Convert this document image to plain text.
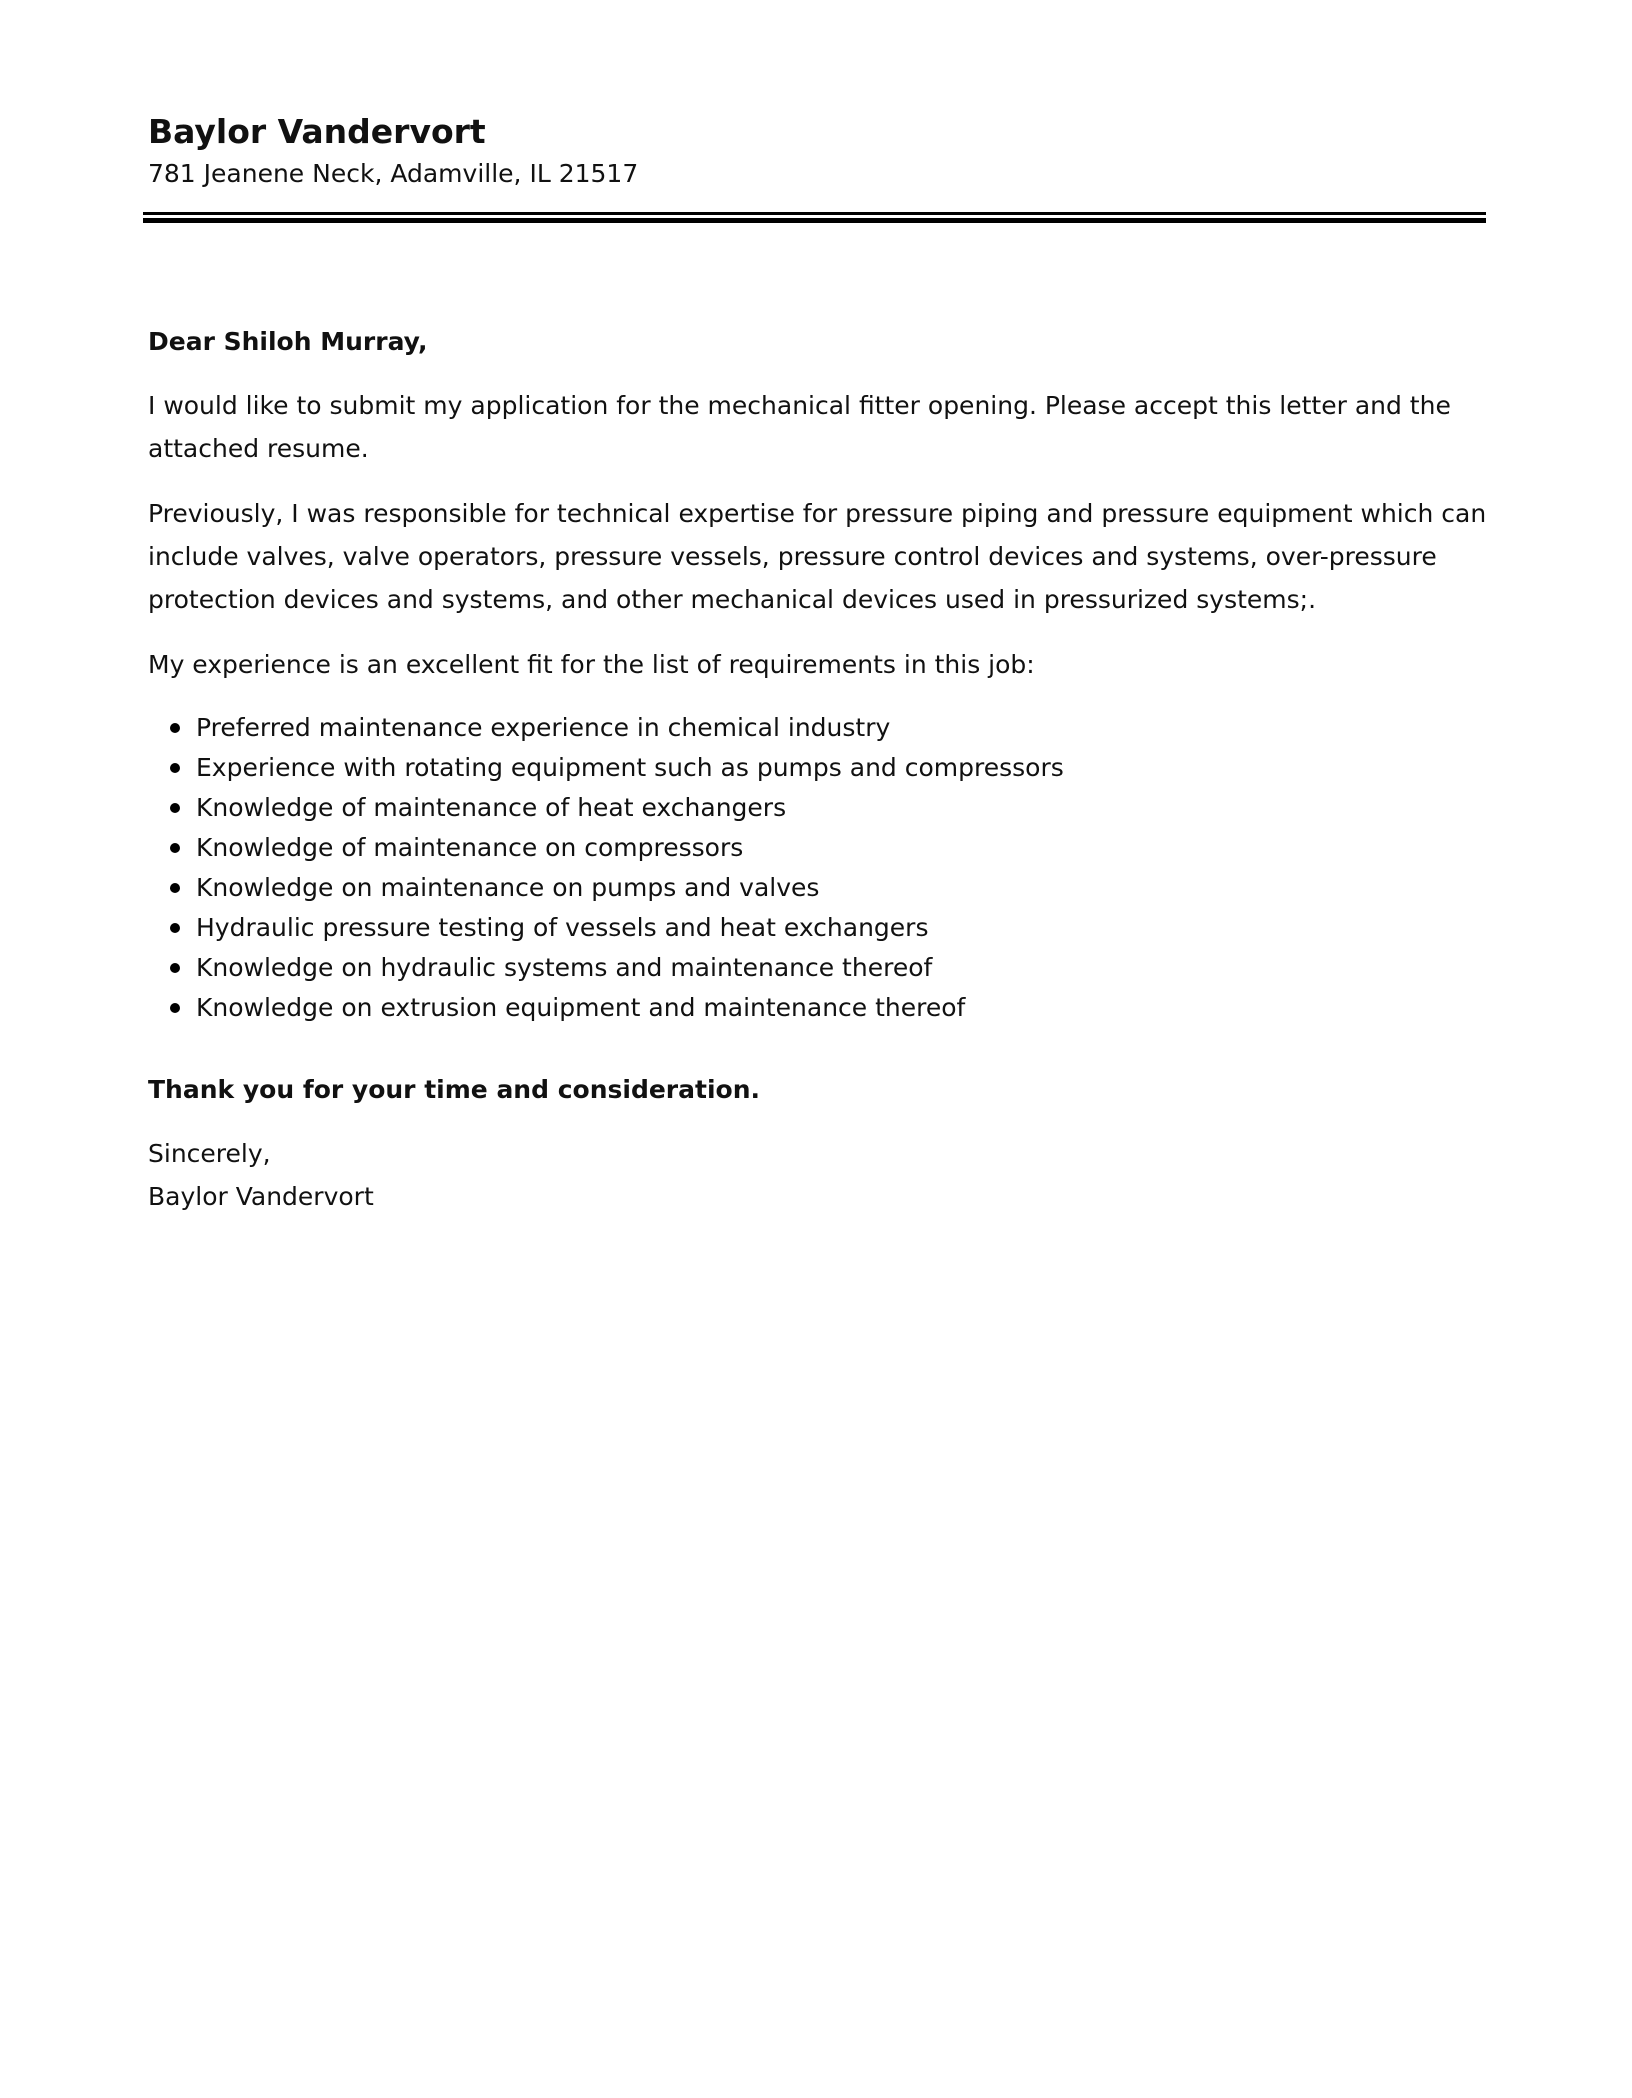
Baylor Vandervort
781 Jeanene Neck, Adamville, IL 21517

Dear Shiloh Murray,

I would like to submit my application for the mechanical fitter opening. Please accept this letter and the attached resume.

Previously, I was responsible for technical expertise for pressure piping and pressure equipment which can include valves, valve operators, pressure vessels, pressure control devices and systems, over-pressure protection devices and systems, and other mechanical devices used in pressurized systems;.

My experience is an excellent fit for the list of requirements in this job:

Preferred maintenance experience in chemical industry
Experience with rotating equipment such as pumps and compressors
Knowledge of maintenance of heat exchangers
Knowledge of maintenance on compressors
Knowledge on maintenance on pumps and valves
Hydraulic pressure testing of vessels and heat exchangers
Knowledge on hydraulic systems and maintenance thereof
Knowledge on extrusion equipment and maintenance thereof

Thank you for your time and consideration.

Sincerely,

Baylor Vandervort
